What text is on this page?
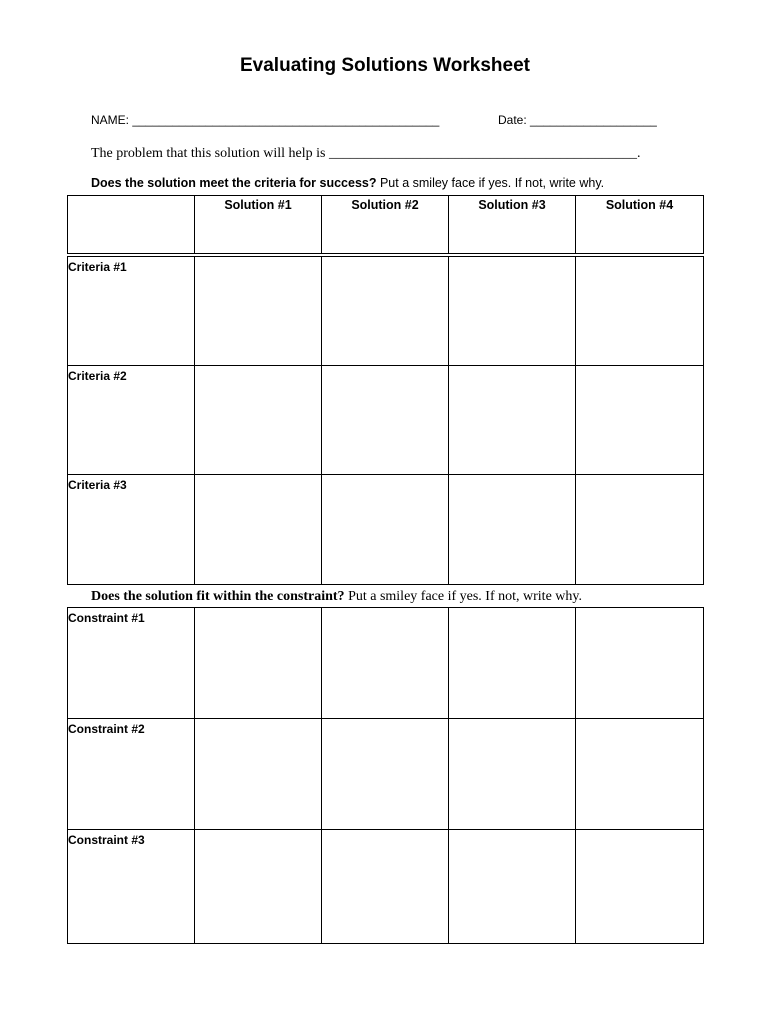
Evaluating Solutions Worksheet
NAME: ______________________________________________	Date: ___________________
The problem that this solution will help is ____________________________________________.
Does the solution meet the criteria for success? Put a smiley face if yes. If not, write why.
	Solution #1	Solution #2	Solution #3	Solution #4
Criteria #1				
Criteria #2				
Criteria #3				
Does the solution fit within the constraint? Put a smiley face if yes. If not, write why.
Constraint #1				
Constraint #2				
Constraint #3				
